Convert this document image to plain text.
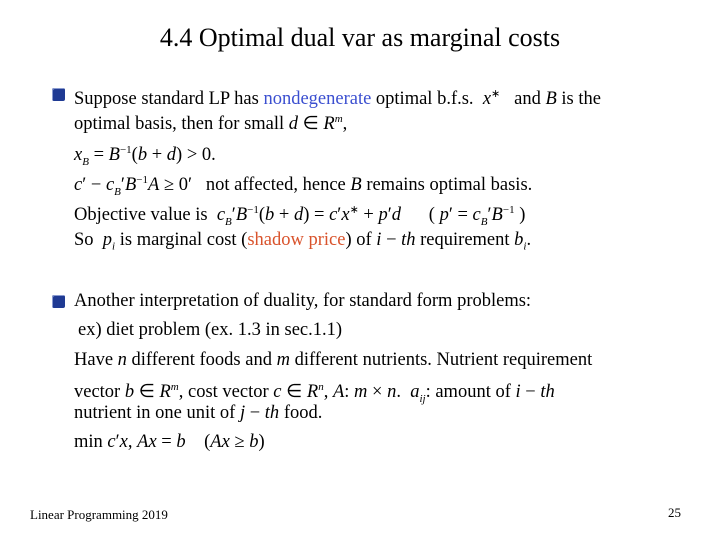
4.4 Optimal dual var as marginal costs
Suppose standard LP has nondegenerate optimal b.f.s. x∗ and B is the
optimal basis, then for small d ∈ $R^m$,
$x_B = B^{-1}(b + d) > 0$.
$c' - c_B'B^{-1}A \ge 0'$   not affected, hence B remains optimal basis.
Objective value is $c_B'B^{-1}(b + d) = c'x^∗ + p'd$      ( $p' = c_B'B^{-1}$ )
So $p_i$ is marginal cost (shadow price) of i − th requirement $b_i$.
Another interpretation of duality, for standard form problems:
ex) diet problem (ex. 1.3 in sec.1.1)
Have n different foods and m different nutrients. Nutrient requirement
vector b ∈ $R^m$, cost vector c ∈ $R^n$, A: m × n.  $a_{ij}$: amount of i − th
nutrient in one unit of j − th food.
min c′x, Ax = b    (Ax ≥ b)
Linear Programming 2019	25
